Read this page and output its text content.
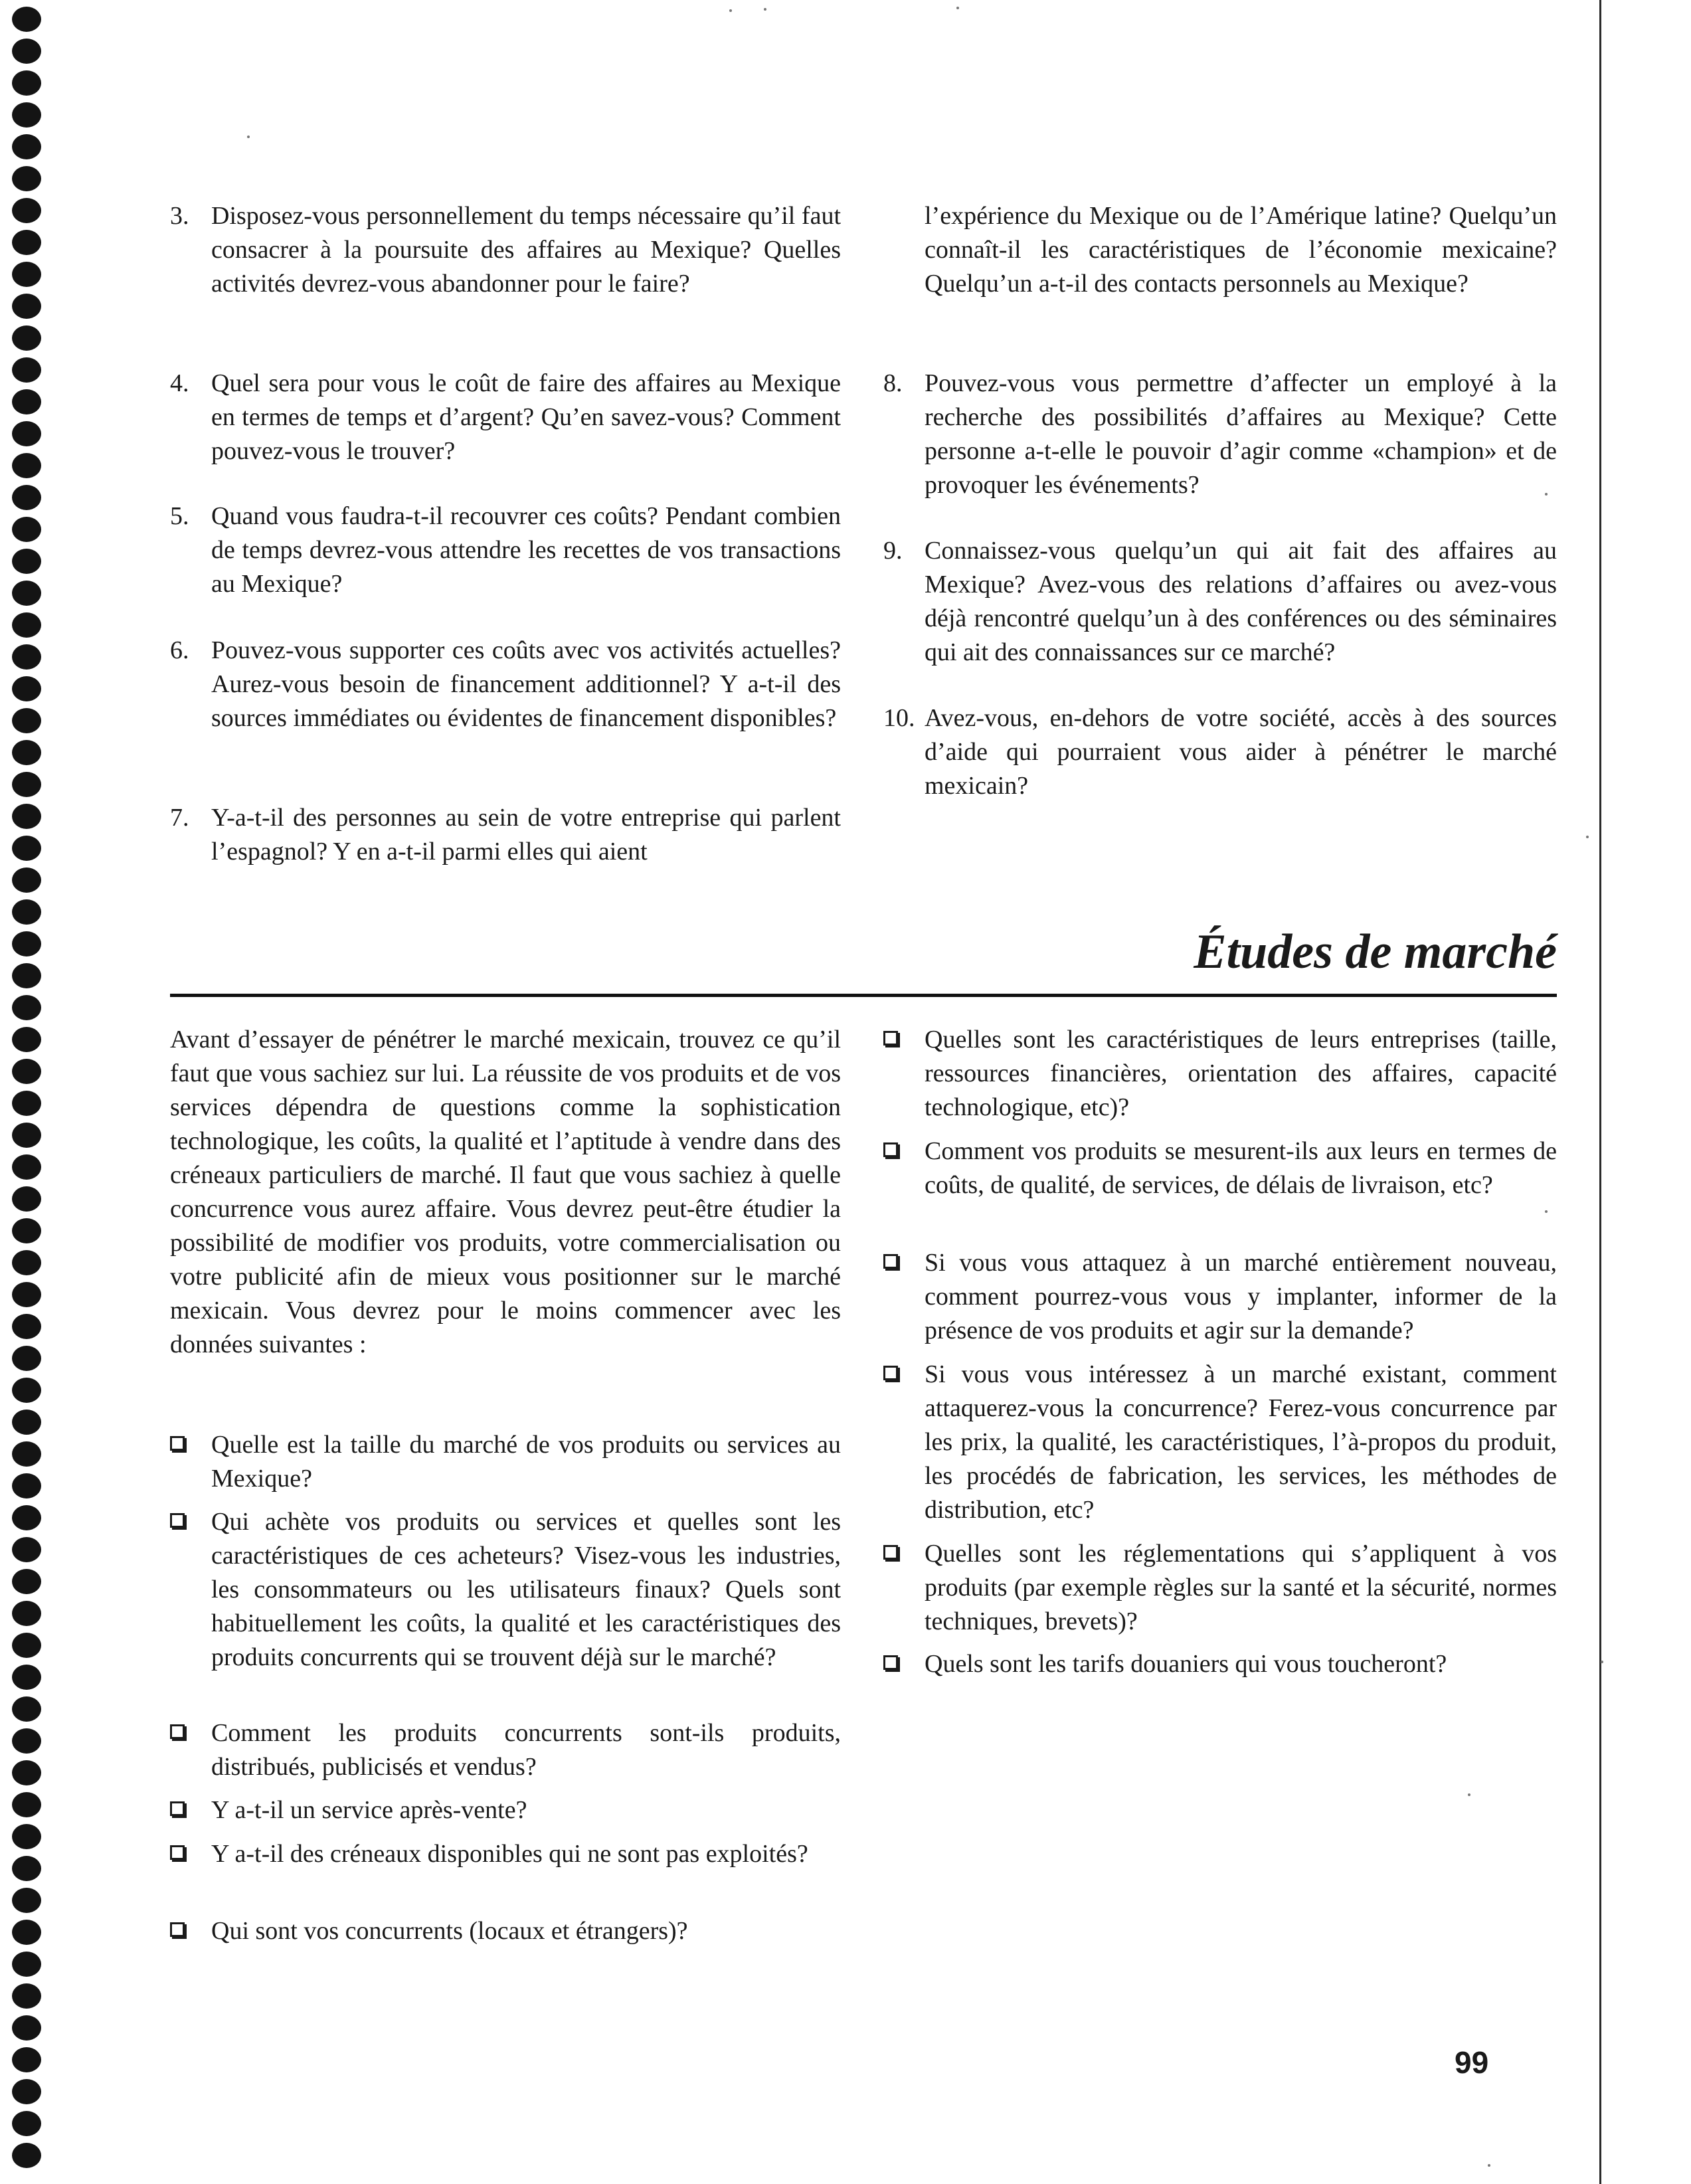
3. Disposez-vous personnellement du temps nécessaire qu’il faut consacrer à la poursuite des affaires au Mexique? Quelles activités devrez-vous abandonner pour le faire?
4. Quel sera pour vous le coût de faire des affaires au Mexique en termes de temps et d’argent? Qu’en savez-vous? Comment pouvez-vous le trouver?
5. Quand vous faudra-t-il recouvrer ces coûts? Pendant combien de temps devrez-vous attendre les recettes de vos transactions au Mexique?
6. Pouvez-vous supporter ces coûts avec vos activités actuelles? Aurez-vous besoin de financement additionnel? Y a-t-il des sources immédiates ou évidentes de financement disponibles?
7. Y-a-t-il des personnes au sein de votre entreprise qui parlent l’espagnol? Y en a-t-il parmi elles qui aient
l’expérience du Mexique ou de l’Amérique latine? Quelqu’un connaît-il les caractéristiques de l’économie mexicaine? Quelqu’un a-t-il des contacts personnels au Mexique?
8. Pouvez-vous vous permettre d’affecter un employé à la recherche des possibilités d’affaires au Mexique? Cette personne a-t-elle le pouvoir d’agir comme «champion» et de provoquer les événements?
9. Connaissez-vous quelqu’un qui ait fait des affaires au Mexique? Avez-vous des relations d’affaires ou avez-vous déjà rencontré quelqu’un à des conférences ou des séminaires qui ait des connaissances sur ce marché?
10. Avez-vous, en-dehors de votre société, accès à des sources d’aide qui pourraient vous aider à pénétrer le marché mexicain?
Études de marché
Avant d’essayer de pénétrer le marché mexicain, trouvez ce qu’il faut que vous sachiez sur lui. La réussite de vos produits et de vos services dépendra de questions comme la sophistication technologique, les coûts, la qualité et l’aptitude à vendre dans des créneaux particuliers de marché. Il faut que vous sachiez à quelle concurrence vous aurez affaire. Vous devrez peut-être étudier la possibilité de modifier vos produits, votre commercialisation ou votre publicité afin de mieux vous positionner sur le marché mexicain. Vous devrez pour le moins commencer avec les données suivantes :
Quelle est la taille du marché de vos produits ou services au Mexique?
Qui achète vos produits ou services et quelles sont les caractéristiques de ces acheteurs? Visez-vous les industries, les consommateurs ou les utilisateurs finaux? Quels sont habituellement les coûts, la qualité et les caractéristiques des produits concurrents qui se trouvent déjà sur le marché?
Comment les produits concurrents sont-ils produits, distribués, publicisés et vendus?
Y a-t-il un service après-vente?
Y a-t-il des créneaux disponibles qui ne sont pas exploités?
Qui sont vos concurrents (locaux et étrangers)?
Quelles sont les caractéristiques de leurs entreprises (taille, ressources financières, orientation des affaires, capacité technologique, etc)?
Comment vos produits se mesurent-ils aux leurs en termes de coûts, de qualité, de services, de délais de livraison, etc?
Si vous vous attaquez à un marché entièrement nouveau, comment pourrez-vous vous y implanter, informer de la présence de vos produits et agir sur la demande?
Si vous vous intéressez à un marché existant, comment attaquerez-vous la concurrence? Ferez-vous concurrence par les prix, la qualité, les caractéristiques, l’à-propos du produit, les procédés de fabrication, les services, les méthodes de distribution, etc?
Quelles sont les réglementations qui s’appliquent à vos produits (par exemple règles sur la santé et la sécurité, normes techniques, brevets)?
Quels sont les tarifs douaniers qui vous toucheront?
99
